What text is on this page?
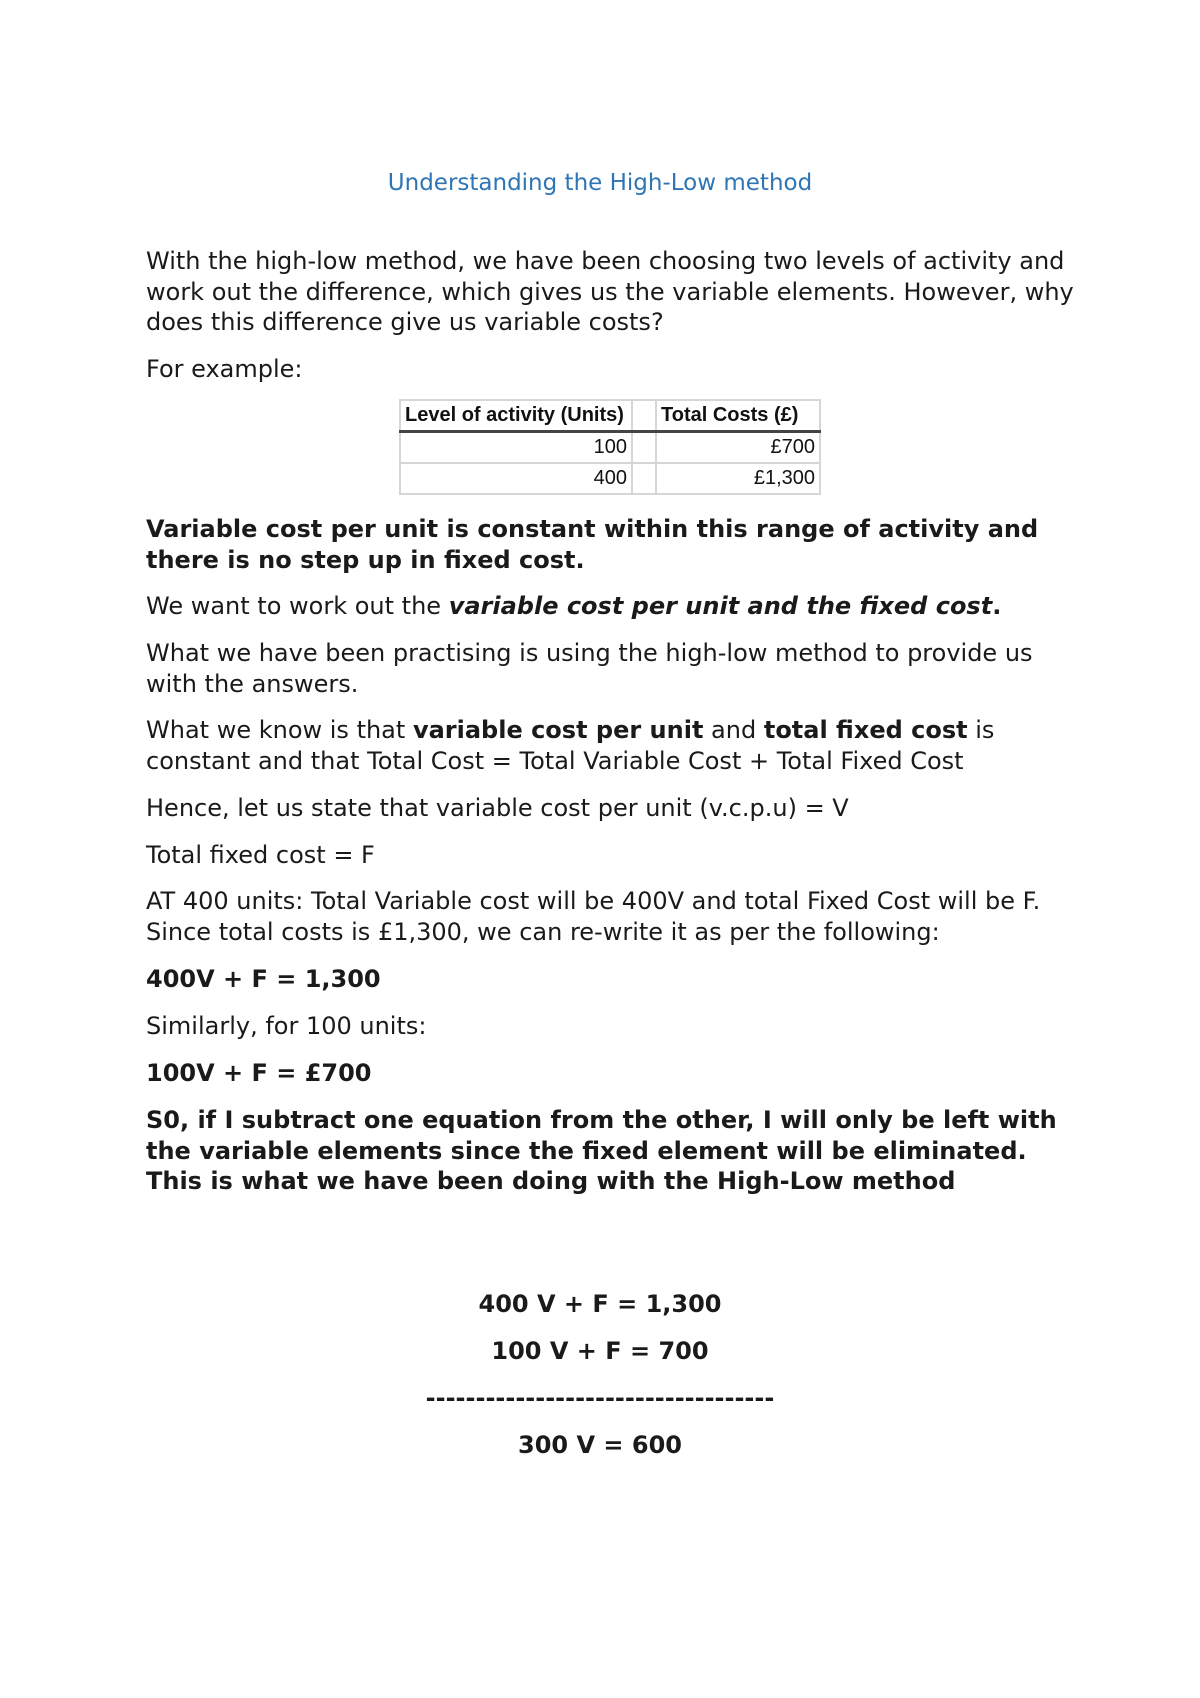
Understanding the High-Low method

With the high-low method, we have been choosing two levels of activity and work out the difference, which gives us the variable elements. However, why does this difference give us variable costs?

For example:

Level of activity (Units)		Total Costs (£)
100		£700
400		£1,300

Variable cost per unit is constant within this range of activity and there is no step up in fixed cost.

We want to work out the variable cost per unit and the fixed cost.

What we have been practising is using the high-low method to provide us with the answers.

What we know is that variable cost per unit and total fixed cost is constant and that Total Cost = Total Variable Cost + Total Fixed Cost

Hence, let us state that variable cost per unit (v.c.p.u) = V

Total fixed cost = F

AT 400 units: Total Variable cost will be 400V and total Fixed Cost will be F. Since total costs is £1,300, we can re-write it as per the following:

400V + F = 1,300

Similarly, for 100 units:

100V + F = £700

S0, if I subtract one equation from the other, I will only be left with the variable elements since the fixed element will be eliminated. This is what we have been doing with the High-Low method

400 V + F = 1,300
100 V + F = 700
-----------------------------------
300 V = 600
